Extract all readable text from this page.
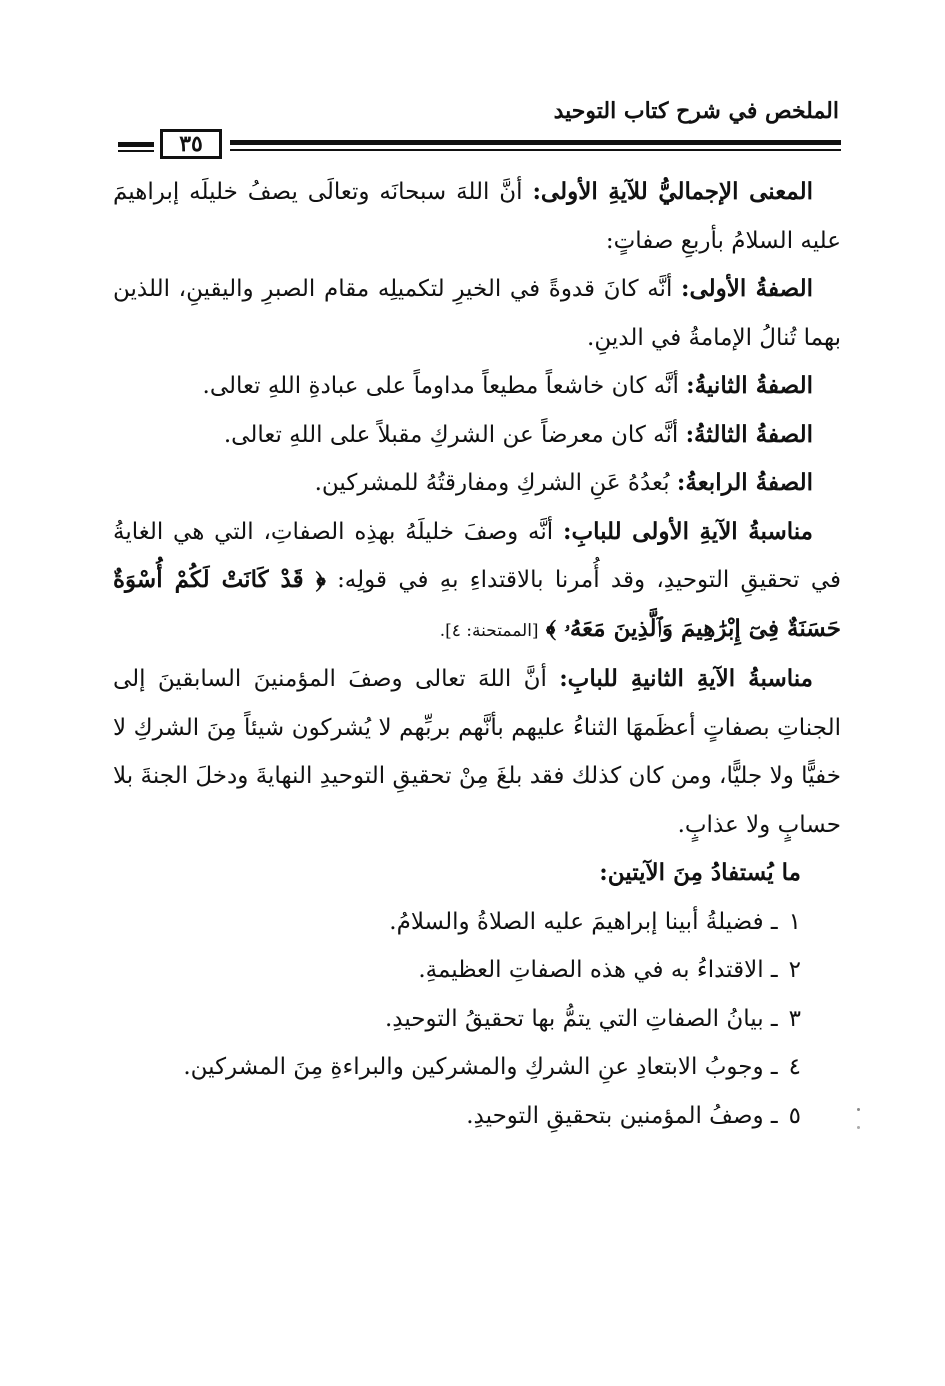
الملخص في شرح كتاب التوحيد
٣٥

المعنى الإجماليُّ للآيةِ الأولى: أنَّ اللهَ سبحانَه وتعالَى يصفُ خليلَه إبراهيمَ عليه السلامُ بأربعِ صفاتٍ:

الصفةُ الأولى: أنَّه كانَ قدوةً في الخيرِ لتكميلِه مقام الصبرِ واليقينِ، اللذين بهما تُنالُ الإمامةُ في الدينِ.

الصفةُ الثانيةُ: أنَّه كان خاشعاً مطيعاً مداوماً على عبادةِ اللهِ تعالى.

الصفةُ الثالثةُ: أنَّه كان معرضاً عن الشركِ مقبلاً على اللهِ تعالى.

الصفةُ الرابعةُ: بُعدُهُ عَنِ الشركِ ومفارقتُهُ للمشركين.

مناسبةُ الآيةِ الأولى للبابِ: أنَّه وصفَ خليلَهُ بهذِه الصفاتِ، التي هي الغايةُ في تحقيقِ التوحيدِ، وقد أُمرنا بالاقتداءِ بهِ في قولِه: ﴿ قَدْ كَانَتْ لَكُمْ أُسْوَةٌ حَسَنَةٌ فِىٓ إِبْرَٰهِيمَ وَٱلَّذِينَ مَعَهُۥ ﴾ [الممتحنة: ٤].

مناسبةُ الآيةِ الثانيةِ للبابِ: أنَّ اللهَ تعالى وصفَ المؤمنينَ السابقينَ إلى الجناتِ بصفاتٍ أعظَمهَا الثناءُ عليهم بأنَّهم بربِّهم لا يُشركون شيئاً مِنَ الشركِ لا خفيًّا ولا جليًّا، ومن كان كذلك فقد بلغَ مِنْ تحقيقِ التوحيدِ النهايةَ ودخلَ الجنةَ بلا حسابٍ ولا عذابٍ.

ما يُستفادُ مِنَ الآيتين:

١ ـ فضيلةُ أبينا إبراهيمَ عليه الصلاةُ والسلامُ.
٢ ـ الاقتداءُ به في هذه الصفاتِ العظيمةِ.
٣ ـ بيانُ الصفاتِ التي يتمُّ بها تحقيقُ التوحيدِ.
٤ ـ وجوبُ الابتعادِ عنِ الشركِ والمشركين والبراءةِ مِنَ المشركين.
٥ ـ وصفُ المؤمنين بتحقيقِ التوحيدِ.
